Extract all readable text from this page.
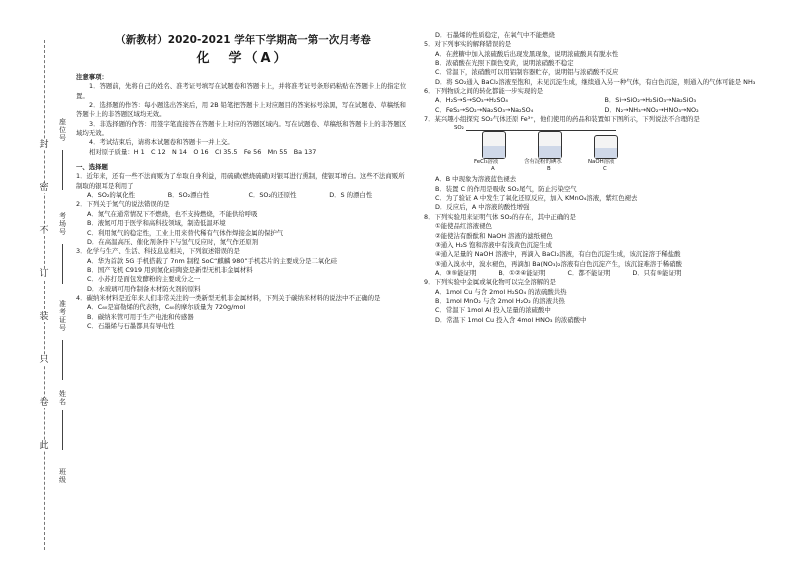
封
密
不
订
装
只
卷
此
座位号
考场号
准考证号
姓名
班级
（新教材）2020-2021 学年下学期高一第一次月考卷
化　学（A）
注意事项：
1．答题前，先将自己的姓名、准考证号填写在试题卷和答题卡上，并将准考证号条形码粘贴在答题卡上的指定位置。
2．选择题的作答：每小题选出答案后，用 2B 铅笔把答题卡上对应题目的答案标号涂黑，写在试题卷、草稿纸和答题卡上的非答题区域均无效。
3．非选择题的作答：用签字笔直接答在答题卡上对应的答题区域内。写在试题卷、草稿纸和答题卡上的非答题区域均无效。
4．考试结束后，请将本试题卷和答题卡一并上交。
相对原子质量：H 1　C 12　N 14　O 16　Cl 35.5　Fe 56　Mn 55　Ba 137
一、选择题
1．近年来，还有一些不法商贩为了牟取自身利益，用硫磺(燃烧硫磺)对银耳进行熏制，使银耳增白。这些不法商贩所制取的银耳是利用了
A．SO₂的氧化性	B．SO₂漂白性	C．SO₂的还原性	D．S 的漂白性
2．下列关于氮气的说法错误的是
A．氮气在通常情况下不燃烧，也不支持燃烧，不能供给呼吸
B．液氮可用于医学和高科技领域，制造低温环境
C．利用氮气的稳定性，工业上用来替代稀有气体作焊接金属的保护气
D．在高温高压、催化剂条件下与氢气反应时，氮气作还原剂
3．化学与生产、生活、科技息息相关，下列叙述错误的是
A．华为首款 5G 手机搭载了 7nm 制程 SoC“麒麟 980”手机芯片的主要成分是二氧化硅
B．国产飞机 C919 用到氮化硅陶瓷是新型无机非金属材料
C．小苏打是面包发酵粉的主要成分之一
D．水玻璃可用作制备木材防火剂的原料
4．碳纳米材料是近年来人们非常关注的一类新型无机非金属材料，下列关于碳纳米材料的说法中不正确的是
A．C₆₀是富勒烯的代表物，C₆₀的摩尔质量为 720g/mol
B．碳纳米管可用于生产电池和传感器
C．石墨烯与石墨都具有导电性
D．石墨烯的性质稳定，在氧气中不能燃烧
5．对下列事实的解释错误的是
A．在蔗糖中加入浓硫酸后出现发黑现象，说明浓硫酸具有脱水性
B．浓硝酸在光照下颜色变黄，说明浓硝酸不稳定
C．常温下，浓硝酸可以用铝制容器贮存，说明铝与浓硝酸不反应
D．将 SO₂通入 BaCl₂溶液至饱和，未见沉淀生成，继续通入另一种气体，有白色沉淀，则通入的气体可能是 NH₃
6．下列物质之间的转化都能一步实现的是
A．H₂S→S→SO₃→H₂SO₄	B．Si→SiO₂→H₂SiO₃→Na₂SiO₃
C．FeS₂→SO₂→Na₂SO₃→Na₂SO₄	D．N₂→NH₃→NO₂→HNO₃→NO₂
7．某兴趣小组探究 SO₂气体还原 Fe³⁺，他们使用的药品和装置如下图所示，下列说法不合理的是
SO₂
FeCl₃溶液	含有淀粉的碘水	NaOH溶液
A	B	C
A．B 中现象为溶液蓝色褪去
B．装置 C 的作用是吸收 SO₂尾气，防止污染空气
C．为了验证 A 中发生了氧化还原反应，加入 KMnO₄溶液，紫红色褪去
D．反应后，A 中溶液的酸性增强
8．下列实验用来证明气体 SO₂的存在，其中正确的是
①能使品红溶液褪色
②能使沾有酚酞和 NaOH 溶液的滤纸褪色
③通入 H₂S 饱和溶液中有浅黄色沉淀生成
④通入足量的 NaOH 溶液中，再滴入 BaCl₂溶液，有白色沉淀生成，该沉淀溶于稀盐酸
⑤通入溴水中，溴水褪色，再滴加 Ba(NO₃)₂溶液有白色沉淀产生，该沉淀难溶于稀硝酸
A．③⑤能证明	B．①②④能证明	C．都不能证明	D．只有⑤能证明
9．下列实验中金属或氧化物可以完全溶解的是
A．1mol Cu 与含 2mol H₂SO₄ 的浓硫酸共热
B．1mol MnO₂ 与含 2mol H₂O₂ 的溶液共热
C．常温下 1mol Al 投入足量的浓硫酸中
D．常温下 1mol Cu 投入含 4mol HNO₃ 的浓硝酸中
